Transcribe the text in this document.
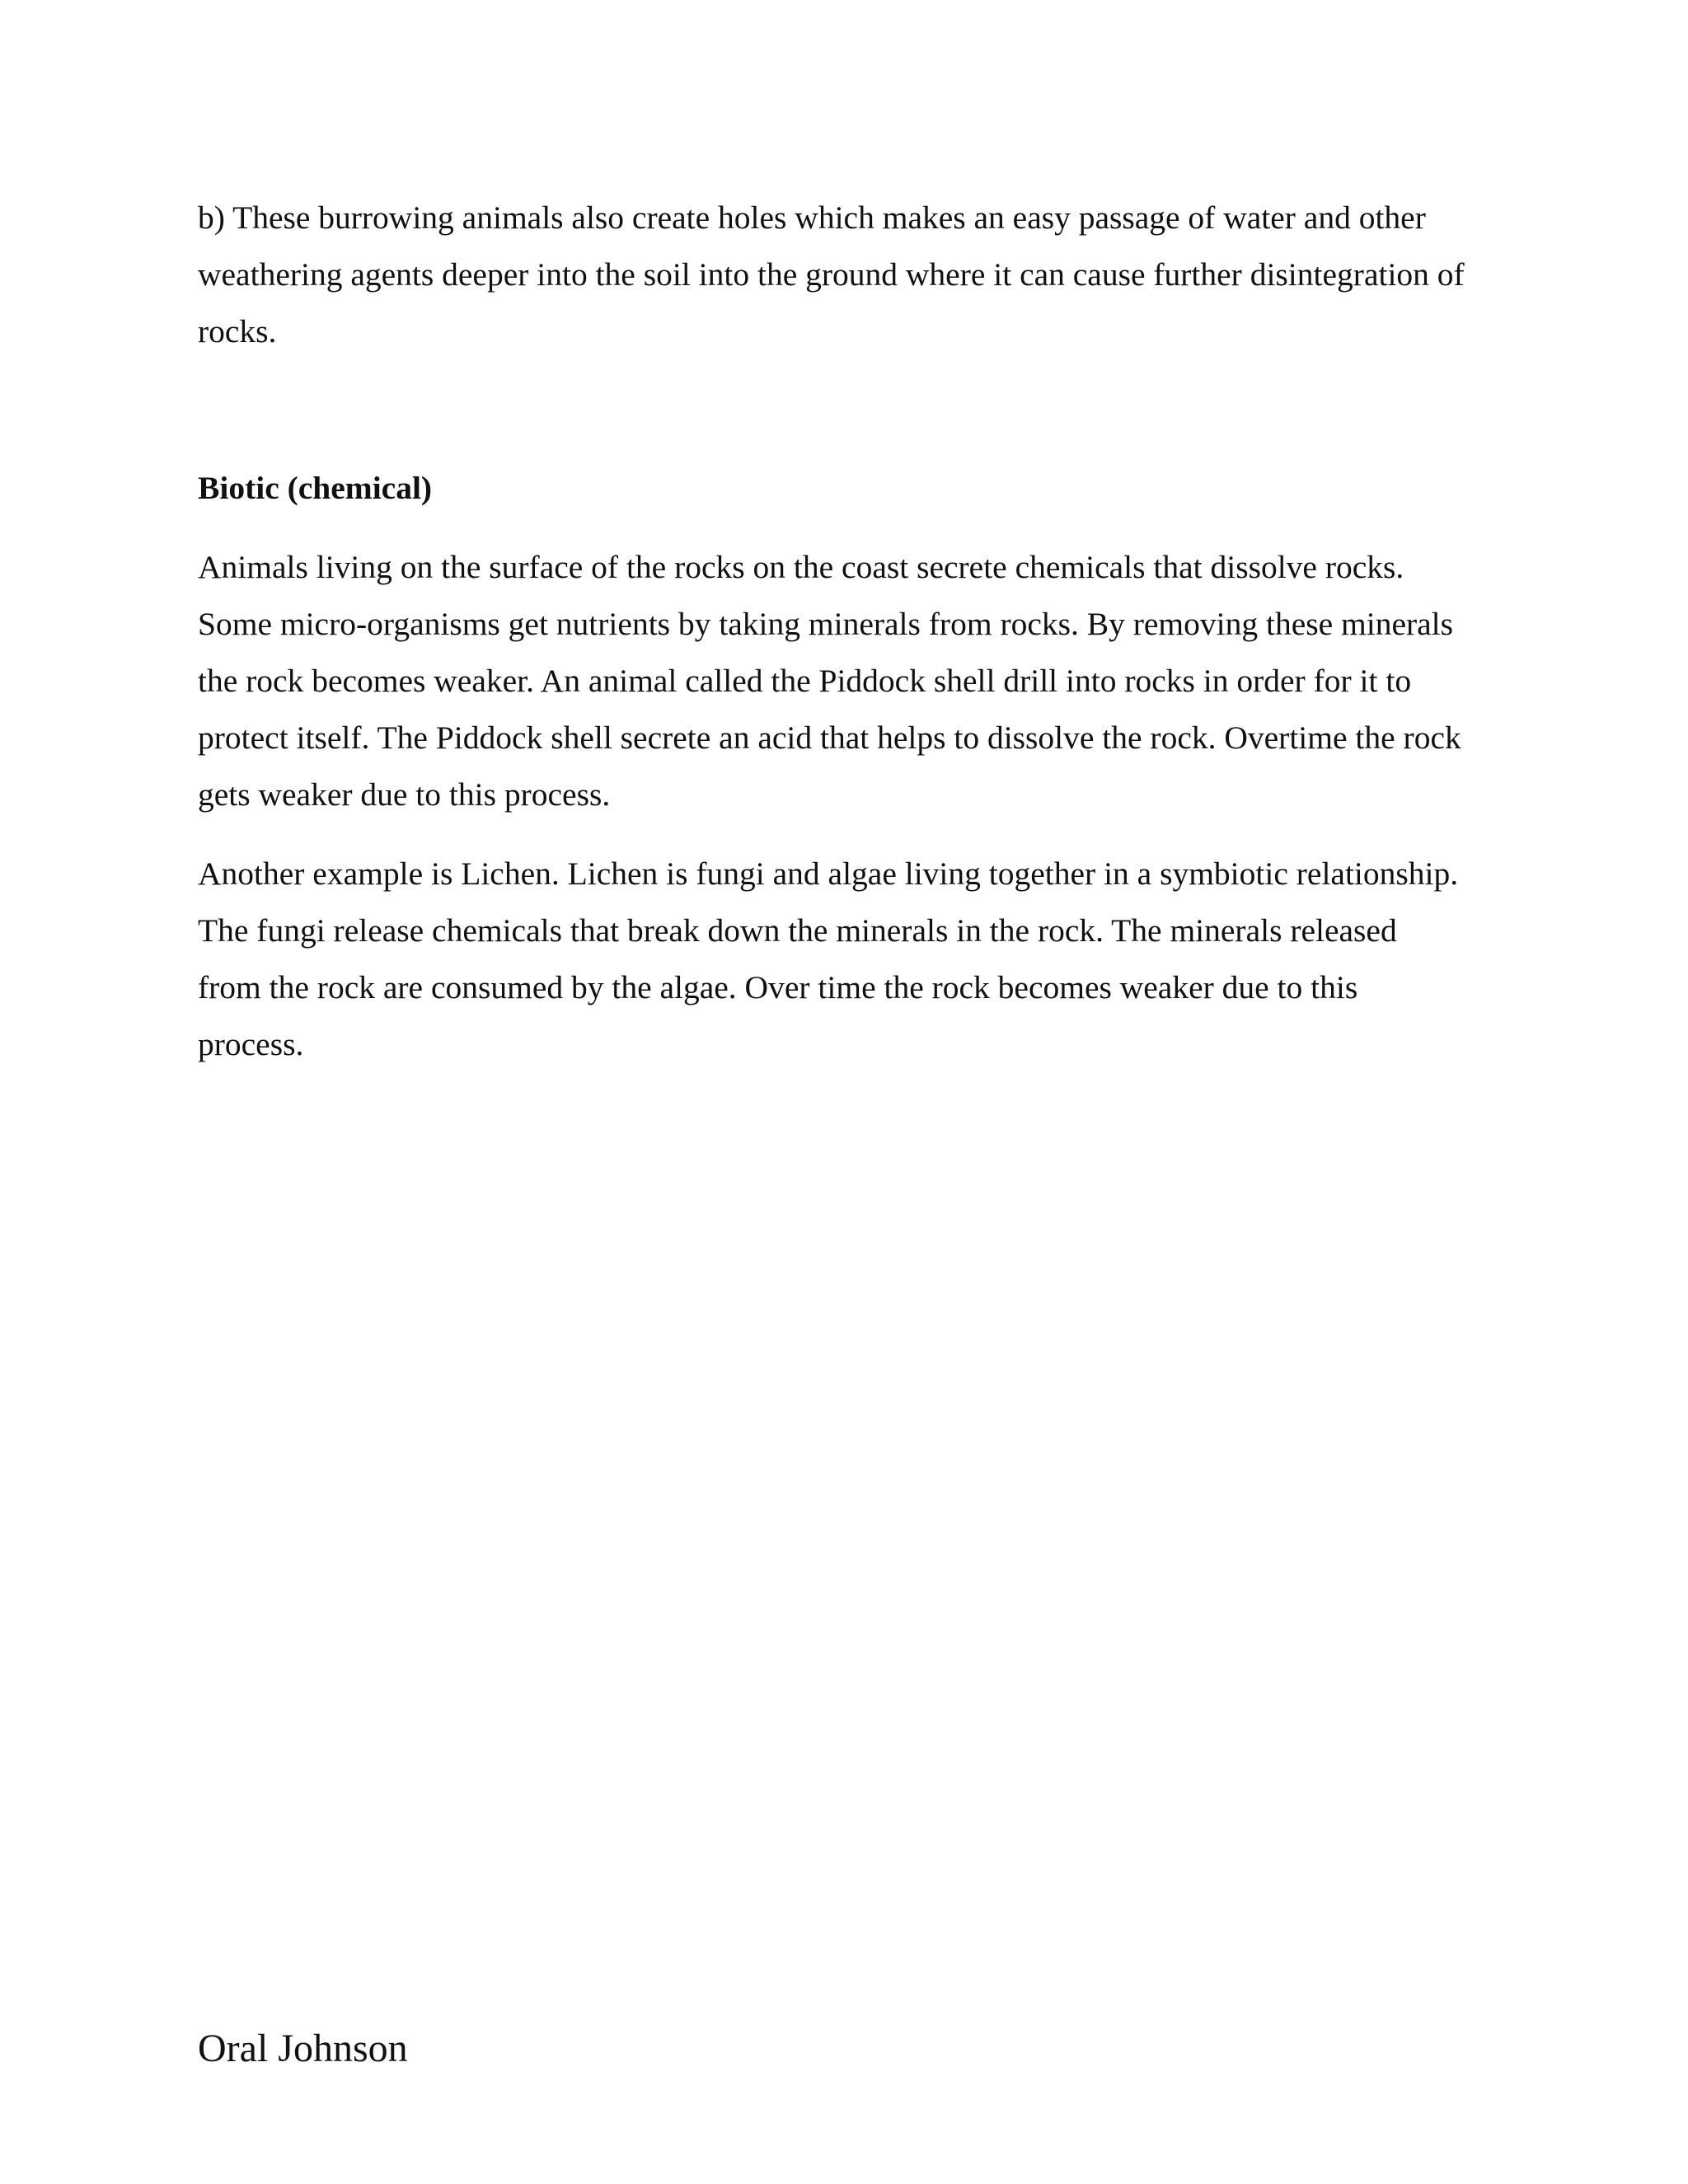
b) These burrowing animals also create holes which makes an easy passage of water and other
weathering agents deeper into the soil into the ground where it can cause further disintegration of
rocks.

Biotic (chemical)

Animals living on the surface of the rocks on the coast secrete chemicals that dissolve rocks.
Some micro-organisms get nutrients by taking minerals from rocks. By removing these minerals
the rock becomes weaker. An animal called the Piddock shell drill into rocks in order for it to
protect itself. The Piddock shell secrete an acid that helps to dissolve the rock. Overtime the rock
gets weaker due to this process.

Another example is Lichen. Lichen is fungi and algae living together in a symbiotic relationship.
The fungi release chemicals that break down the minerals in the rock. The minerals released
from the rock are consumed by the algae. Over time the rock becomes weaker due to this
process.

Oral Johnson
